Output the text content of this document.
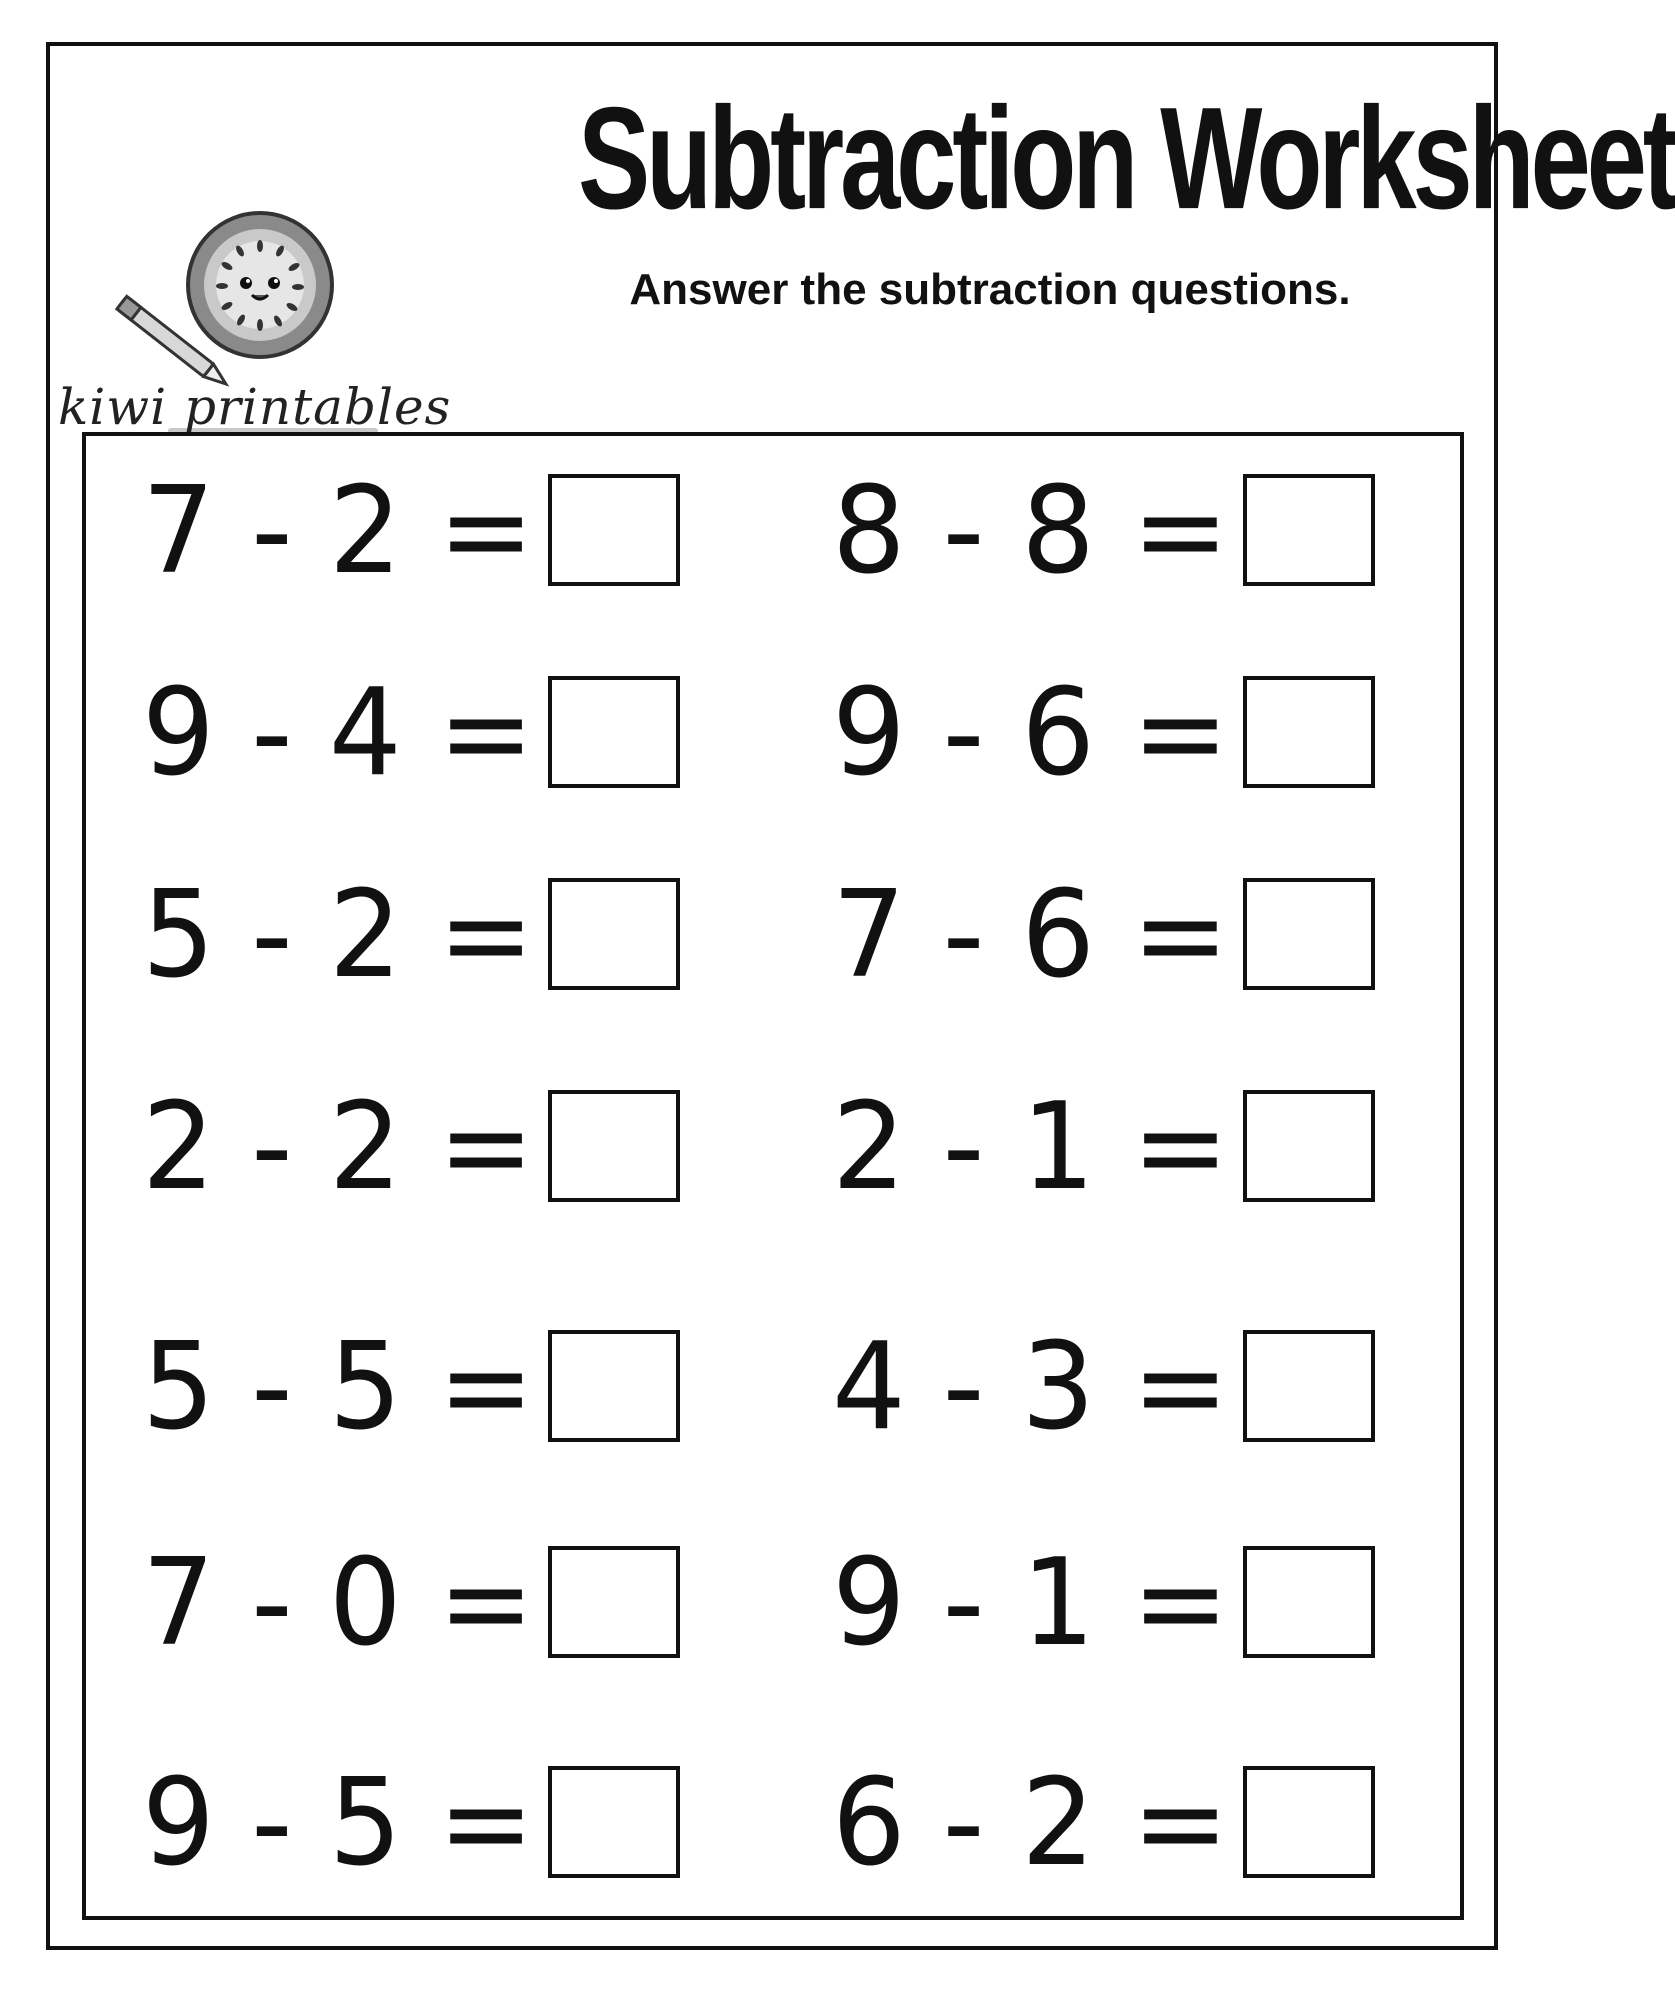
Subtraction Worksheet
Answer the subtraction questions.
kiwi printables
7 - 2 = 8 - 8 =
9 - 4 = 9 - 6 =
5 - 2 = 7 - 6 =
2 - 2 = 2 - 1 =
5 - 5 = 4 - 3 =
7 - 0 = 9 - 1 =
9 - 5 = 6 - 2 =
